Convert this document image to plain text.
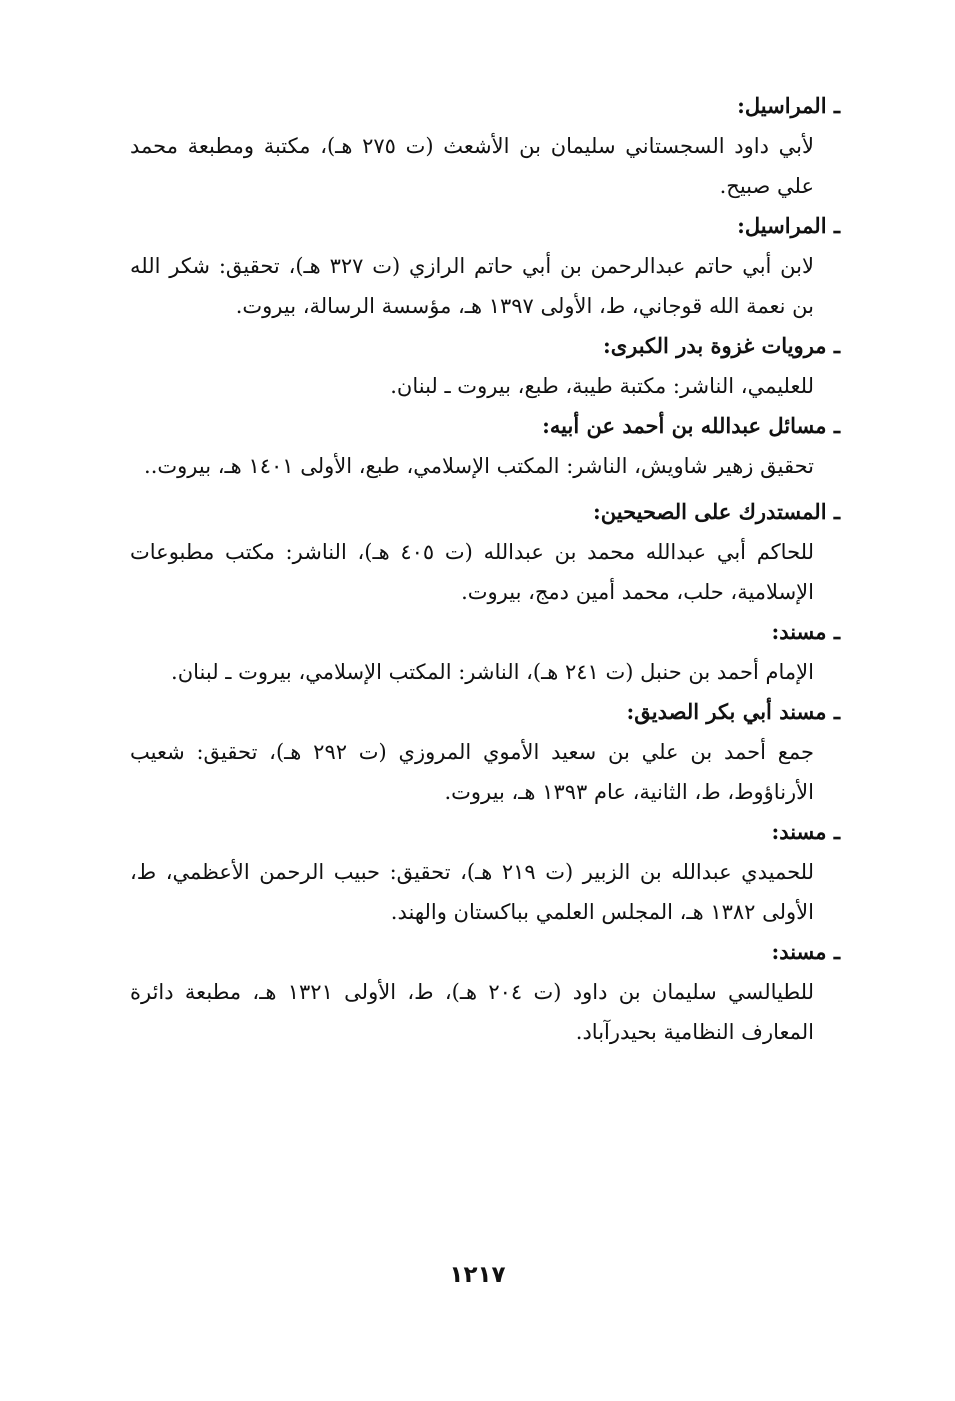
ـ المراسيل:
لأبي داود السجستاني سليمان بن الأشعث (ت ٢٧٥ هـ)، مكتبة ومطبعة محمد علي صبيح.
ـ المراسيل:
لابن أبي حاتم عبدالرحمن بن أبي حاتم الرازي (ت ٣٢٧ هـ)، تحقيق: شكر الله بن نعمة الله قوجاني، ط، الأولى ١٣٩٧ هـ، مؤسسة الرسالة، بيروت.
ـ مرويات غزوة بدر الكبرى:
للعليمي، الناشر: مكتبة طيبة، طبع، بيروت ـ لبنان.
ـ مسائل عبدالله بن أحمد عن أبيه:
تحقيق زهير شاويش، الناشر: المكتب الإسلامي، طبع، الأولى ١٤٠١ هـ، بيروت..
ـ المستدرك على الصحيحين:
للحاكم أبي عبدالله محمد بن عبدالله (ت ٤٠٥ هـ)، الناشر: مكتب مطبوعات الإسلامية، حلب، محمد أمين دمج، بيروت.
ـ مسند:
الإمام أحمد بن حنبل (ت ٢٤١ هـ)، الناشر: المكتب الإسلامي، بيروت ـ لبنان.
ـ مسند أبي بكر الصديق:
جمع أحمد بن علي بن سعيد الأموي المروزي (ت ٢٩٢ هـ)، تحقيق: شعيب الأرناؤوط، ط، الثانية، عام ١٣٩٣ هـ، بيروت.
ـ مسند:
للحميدي عبدالله بن الزبير (ت ٢١٩ هـ)، تحقيق: حبيب الرحمن الأعظمي، ط، الأولى ١٣٨٢ هـ، المجلس العلمي بباكستان والهند.
ـ مسند:
للطيالسي سليمان بن داود (ت ٢٠٤ هـ)، ط، الأولى ١٣٢١ هـ، مطبعة دائرة المعارف النظامية بحيدرآباد.
١٢١٧
